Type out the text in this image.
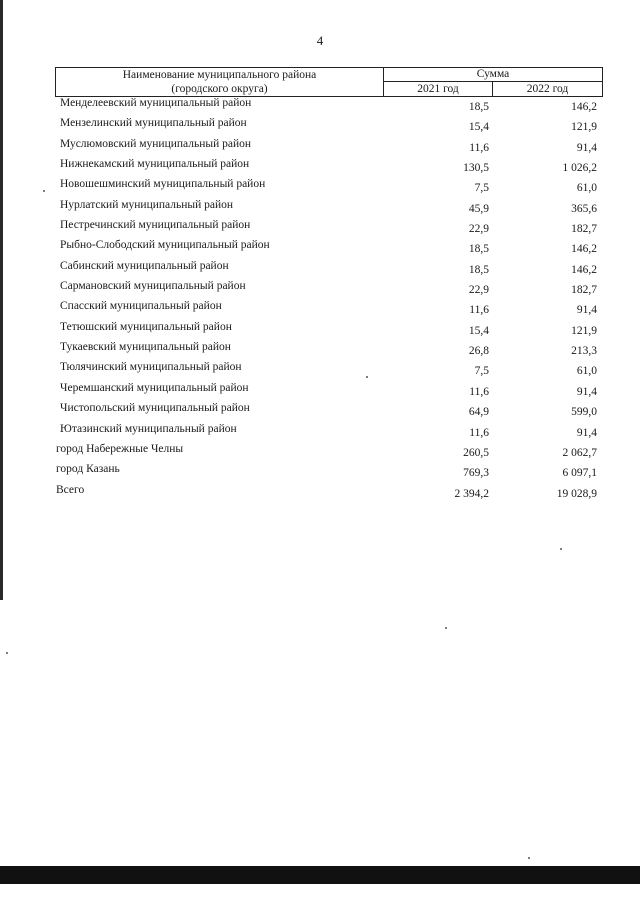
4
Наименование муниципального района
(городского округа)
Сумма
2021 год	2022 год
Менделеевский муниципальный район	18,5	146,2
Мензелинский муниципальный район	15,4	121,9
Муслюмовский муниципальный район	11,6	91,4
Нижнекамский муниципальный район	130,5	1 026,2
Новошешминский муниципальный район	7,5	61,0
Нурлатский муниципальный район	45,9	365,6
Пестречинский муниципальный район	22,9	182,7
Рыбно-Слободский муниципальный район	18,5	146,2
Сабинский муниципальный район	18,5	146,2
Сармановский муниципальный район	22,9	182,7
Спасский муниципальный район	11,6	91,4
Тетюшский муниципальный район	15,4	121,9
Тукаевский муниципальный район	26,8	213,3
Тюлячинский муниципальный район	7,5	61,0
Черемшанский муниципальный район	11,6	91,4
Чистопольский муниципальный район	64,9	599,0
Ютазинский муниципальный район	11,6	91,4
город Набережные Челны	260,5	2 062,7
город Казань	769,3	6 097,1
Всего	2 394,2	19 028,9
